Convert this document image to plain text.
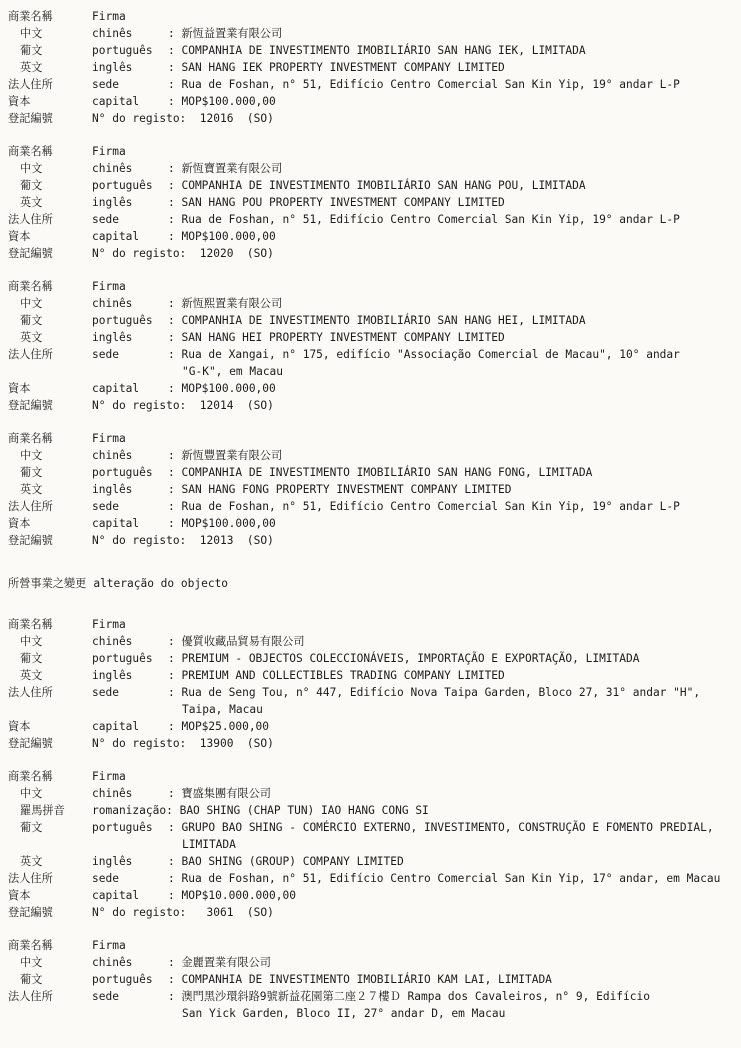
商業名稱	Firma
中文	chinês	: 新恆益置業有限公司
葡文	português	: COMPANHIA DE INVESTIMENTO IMOBILIÁRIO SAN HANG IEK, LIMITADA
英文	inglês	: SAN HANG IEK PROPERTY INVESTMENT COMPANY LIMITED
法人住所	sede	: Rua de Foshan, n° 51, Edifício Centro Comercial San Kin Yip, 19° andar L-P
資本	capital	: MOP$100.000,00
登記編號	N° do registo: 12016  (SO)
商業名稱	Firma
中文	chinês	: 新恆寶置業有限公司
葡文	português	: COMPANHIA DE INVESTIMENTO IMOBILIÁRIO SAN HANG POU, LIMITADA
英文	inglês	: SAN HANG POU PROPERTY INVESTMENT COMPANY LIMITED
法人住所	sede	: Rua de Foshan, n° 51, Edifício Centro Comercial San Kin Yip, 19° andar L-P
資本	capital	: MOP$100.000,00
登記編號	N° do registo: 12020  (SO)
商業名稱	Firma
中文	chinês	: 新恆熙置業有限公司
葡文	português	: COMPANHIA DE INVESTIMENTO IMOBILIÁRIO SAN HANG HEI, LIMITADA
英文	inglês	: SAN HANG HEI PROPERTY INVESTMENT COMPANY LIMITED
法人住所	sede	: Rua de Xangai, n° 175, edifício "Associação Comercial de Macau", 10° andar
"G-K", em Macau
資本	capital	: MOP$100.000,00
登記編號	N° do registo: 12014  (SO)
商業名稱	Firma
中文	chinês	: 新恆豐置業有限公司
葡文	português	: COMPANHIA DE INVESTIMENTO IMOBILIÁRIO SAN HANG FONG, LIMITADA
英文	inglês	: SAN HANG FONG PROPERTY INVESTMENT COMPANY LIMITED
法人住所	sede	: Rua de Foshan, n° 51, Edifício Centro Comercial San Kin Yip, 19° andar L-P
資本	capital	: MOP$100.000,00
登記編號	N° do registo: 12013  (SO)
所營事業之變更 alteração do objecto
商業名稱	Firma
中文	chinês	: 優質收藏品貿易有限公司
葡文	português	: PREMIUM - OBJECTOS COLECCIONÁVEIS, IMPORTAÇÃO E EXPORTAÇÃO, LIMITADA
英文	inglês	: PREMIUM AND COLLECTIBLES TRADING COMPANY LIMITED
法人住所	sede	: Rua de Seng Tou, n° 447, Edifício Nova Taipa Garden, Bloco 27, 31° andar "H",
Taipa, Macau
資本	capital	: MOP$25.000,00
登記編號	N° do registo: 13900  (SO)
商業名稱	Firma
中文	chinês	: 寶盛集團有限公司
羅馬拼音	romanização: BAO SHING (CHAP TUN) IAO HANG CONG SI
葡文	português	: GRUPO BAO SHING - COMÉRCIO EXTERNO, INVESTIMENTO, CONSTRUÇÃO E FOMENTO PREDIAL,
LIMITADA
英文	inglês	: BAO SHING (GROUP) COMPANY LIMITED
法人住所	sede	: Rua de Foshan, n° 51, Edifício Centro Comercial San Kin Yip, 17° andar, em Macau
資本	capital	: MOP$10.000.000,00
登記編號	N° do registo: 3061  (SO)
商業名稱	Firma
中文	chinês	: 金麗置業有限公司
葡文	português	: COMPANHIA DE INVESTIMENTO IMOBILIÁRIO KAM LAI, LIMITADA
法人住所	sede	: 澳門黑沙環斜路9號新益花園第二座２７樓Ｄ Rampa dos Cavaleiros, n° 9, Edifício
San Yick Garden, Bloco II, 27° andar D, em Macau
